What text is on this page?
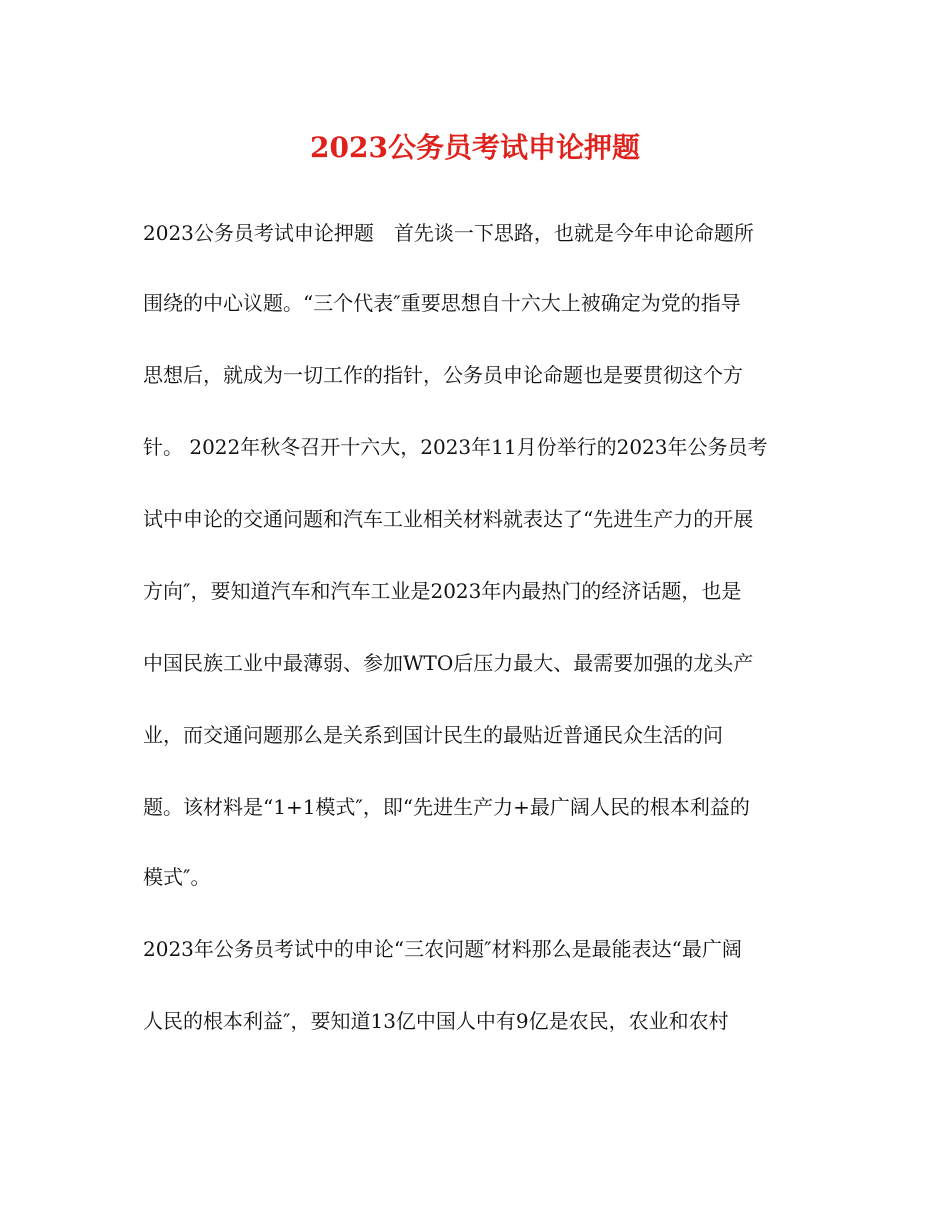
2023公务员考试申论押题
2023公务员考试申论押题　首先谈一下思路，也就是今年申论命题所
围绕的中心议题。“三个代表″重要思想自十六大上被确定为党的指导
思想后，就成为一切工作的指针，公务员申论命题也是要贯彻这个方
针。 2022年秋冬召开十六大，2023年11月份举行的2023年公务员考
试中申论的交通问题和汽车工业相关材料就表达了“先进生产力的开展
方向″，要知道汽车和汽车工业是2023年内最热门的经济话题，也是
中国民族工业中最薄弱、参加WTO后压力最大、最需要加强的龙头产
业，而交通问题那么是关系到国计民生的最贴近普通民众生活的问
题。该材料是“1+1模式″，即“先进生产力+最广阔人民的根本利益的
模式″。
2023年公务员考试中的申论“三农问题″材料那么是最能表达“最广阔
人民的根本利益″，要知道13亿中国人中有9亿是农民，农业和农村
